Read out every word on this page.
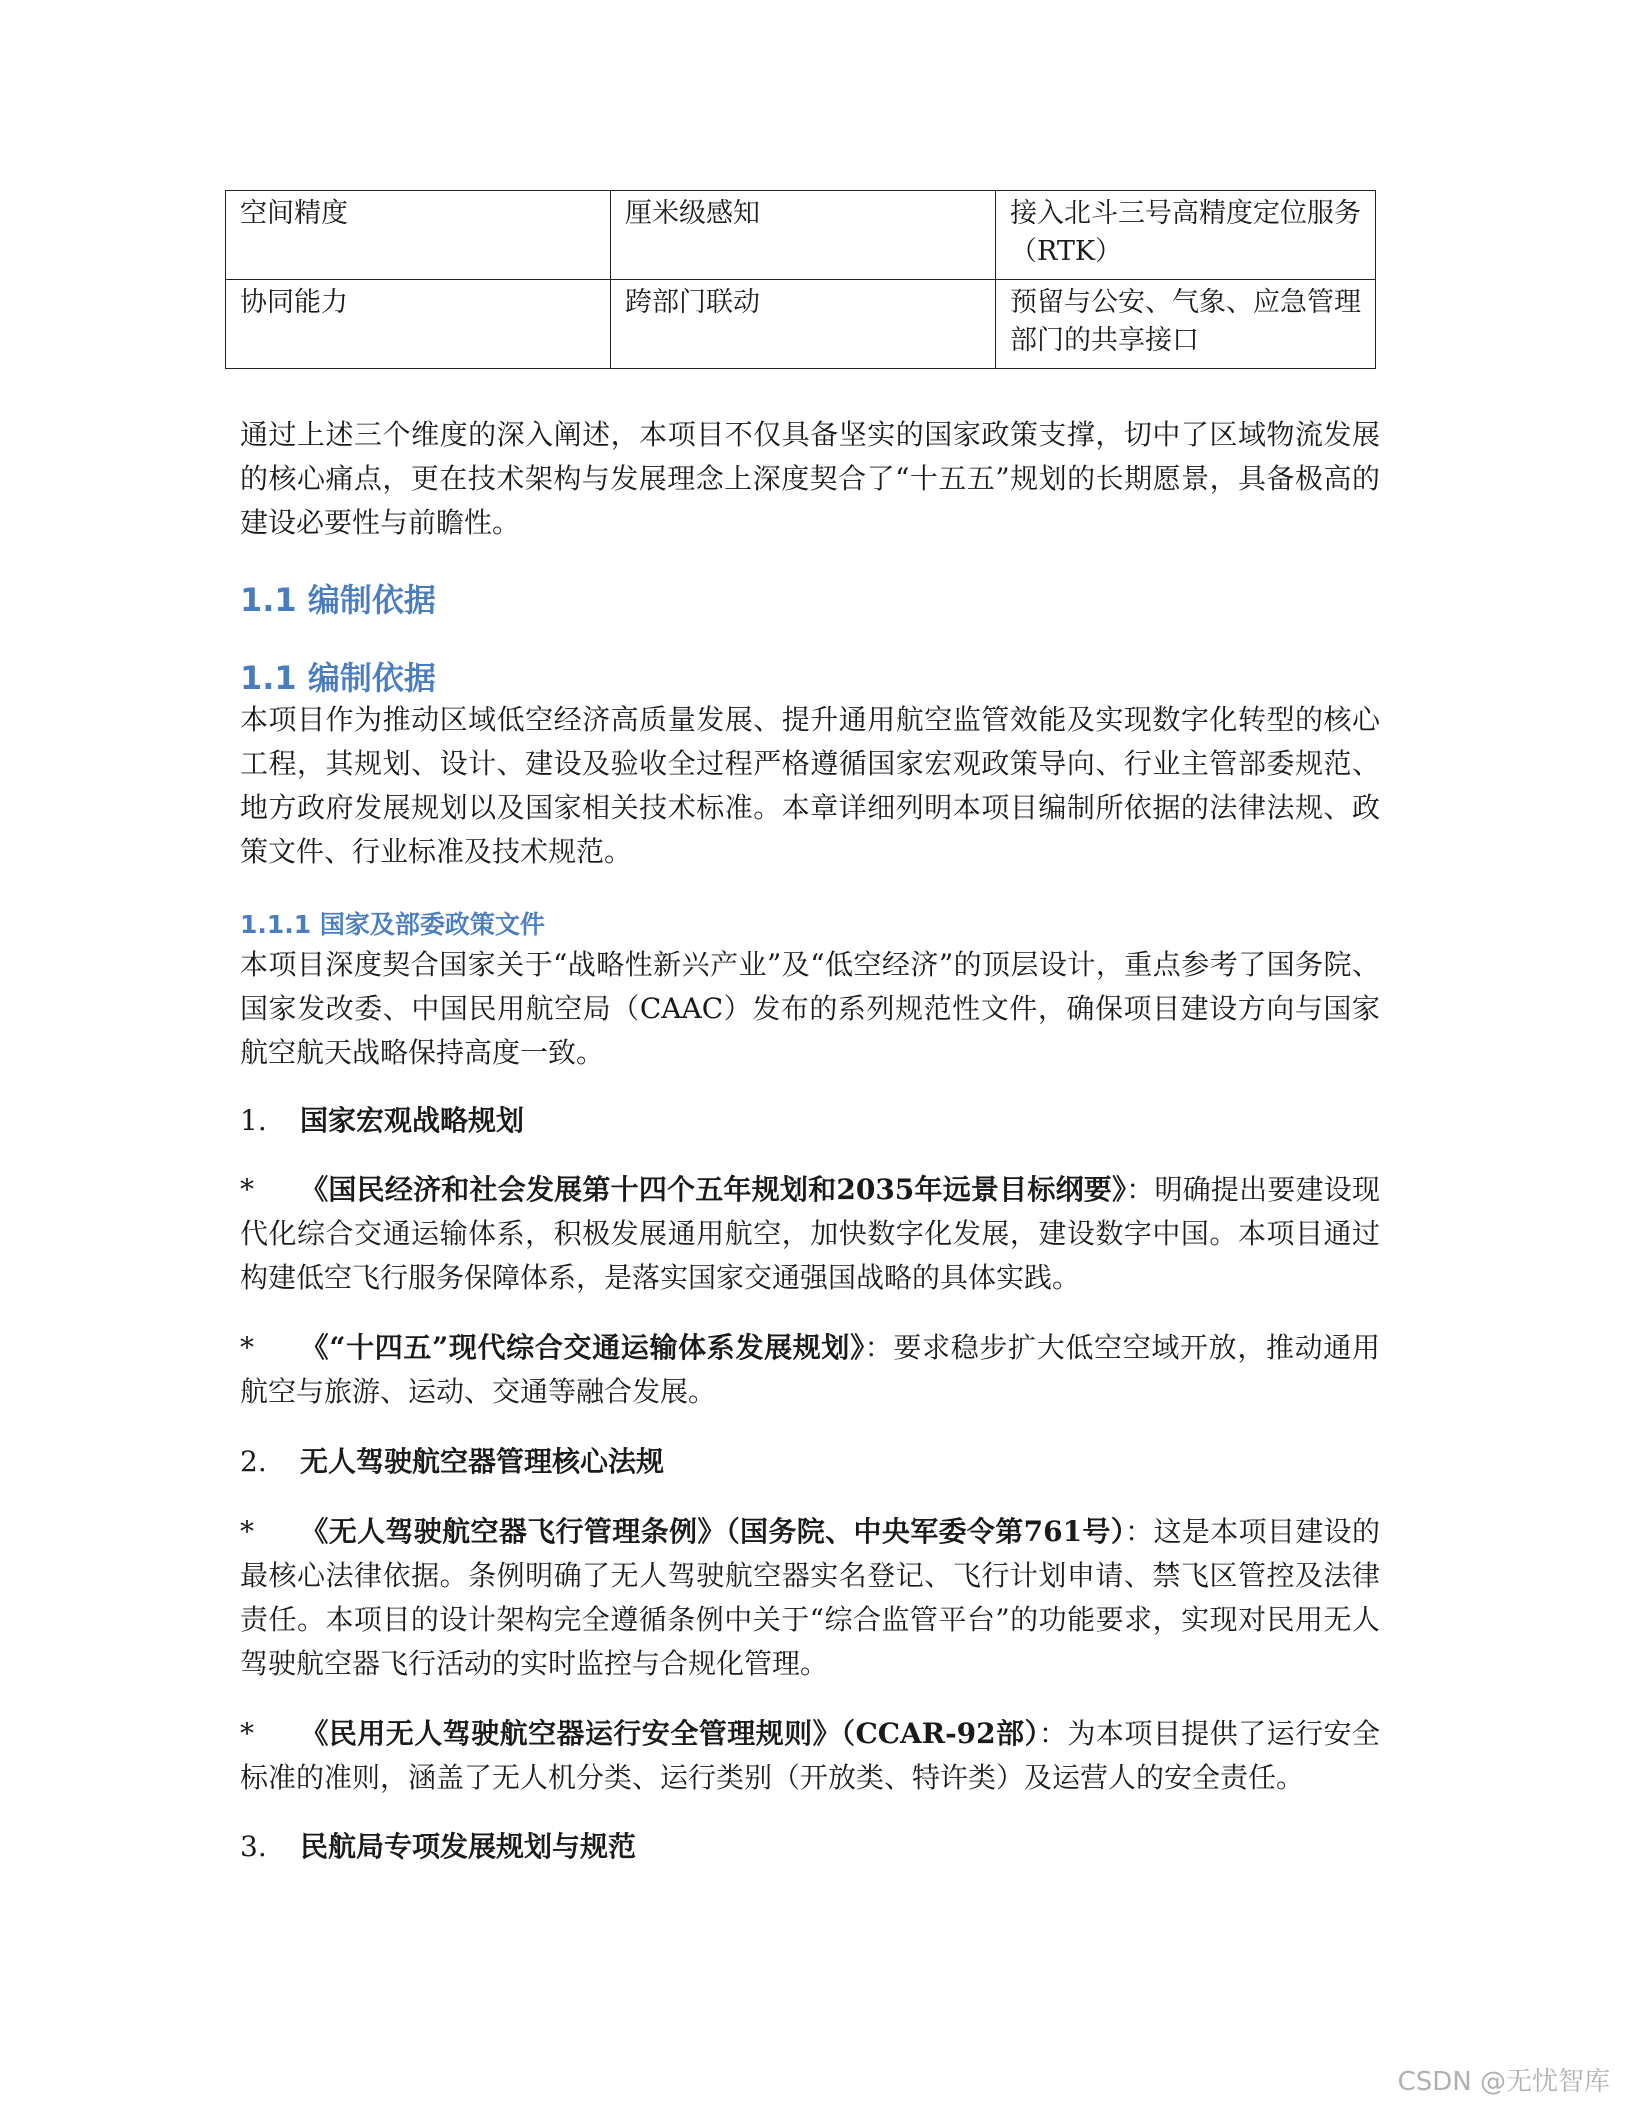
空间精度	厘米级感知	接入北斗三号高精度定位服务（RTK）
协同能力	跨部门联动	预留与公安、气象、应急管理部门的共享接口
通过上述三个维度的深入阐述，本项目不仅具备坚实的国家政策支撑，切中了区域物流发展的核心痛点，更在技术架构与发展理念上深度契合了“十五五”规划的长期愿景，具备极高的建设必要性与前瞻性。
1.1 编制依据
1.1 编制依据
本项目作为推动区域低空经济高质量发展、提升通用航空监管效能及实现数字化转型的核心工程，其规划、设计、建设及验收全过程严格遵循国家宏观政策导向、行业主管部委规范、地方政府发展规划以及国家相关技术标准。本章详细列明本项目编制所依据的法律法规、政策文件、行业标准及技术规范。
1.1.1 国家及部委政策文件
本项目深度契合国家关于“战略性新兴产业”及“低空经济”的顶层设计，重点参考了国务院、国家发改委、中国民用航空局（CAAC）发布的系列规范性文件，确保项目建设方向与国家航空航天战略保持高度一致。
1. 国家宏观战略规划
* 《国民经济和社会发展第十四个五年规划和2035年远景目标纲要》：明确提出要建设现代化综合交通运输体系，积极发展通用航空，加快数字化发展，建设数字中国。本项目通过构建低空飞行服务保障体系，是落实国家交通强国战略的具体实践。
* 《“十四五”现代综合交通运输体系发展规划》：要求稳步扩大低空空域开放，推动通用航空与旅游、运动、交通等融合发展。
2. 无人驾驶航空器管理核心法规
* 《无人驾驶航空器飞行管理条例》（国务院、中央军委令第761号）：这是本项目建设的最核心法律依据。条例明确了无人驾驶航空器实名登记、飞行计划申请、禁飞区管控及法律责任。本项目的设计架构完全遵循条例中关于“综合监管平台”的功能要求，实现对民用无人驾驶航空器飞行活动的实时监控与合规化管理。
* 《民用无人驾驶航空器运行安全管理规则》（CCAR-92部）：为本项目提供了运行安全标准的准则，涵盖了无人机分类、运行类别（开放类、特许类）及运营人的安全责任。
3. 民航局专项发展规划与规范
CSDN @无忧智库
